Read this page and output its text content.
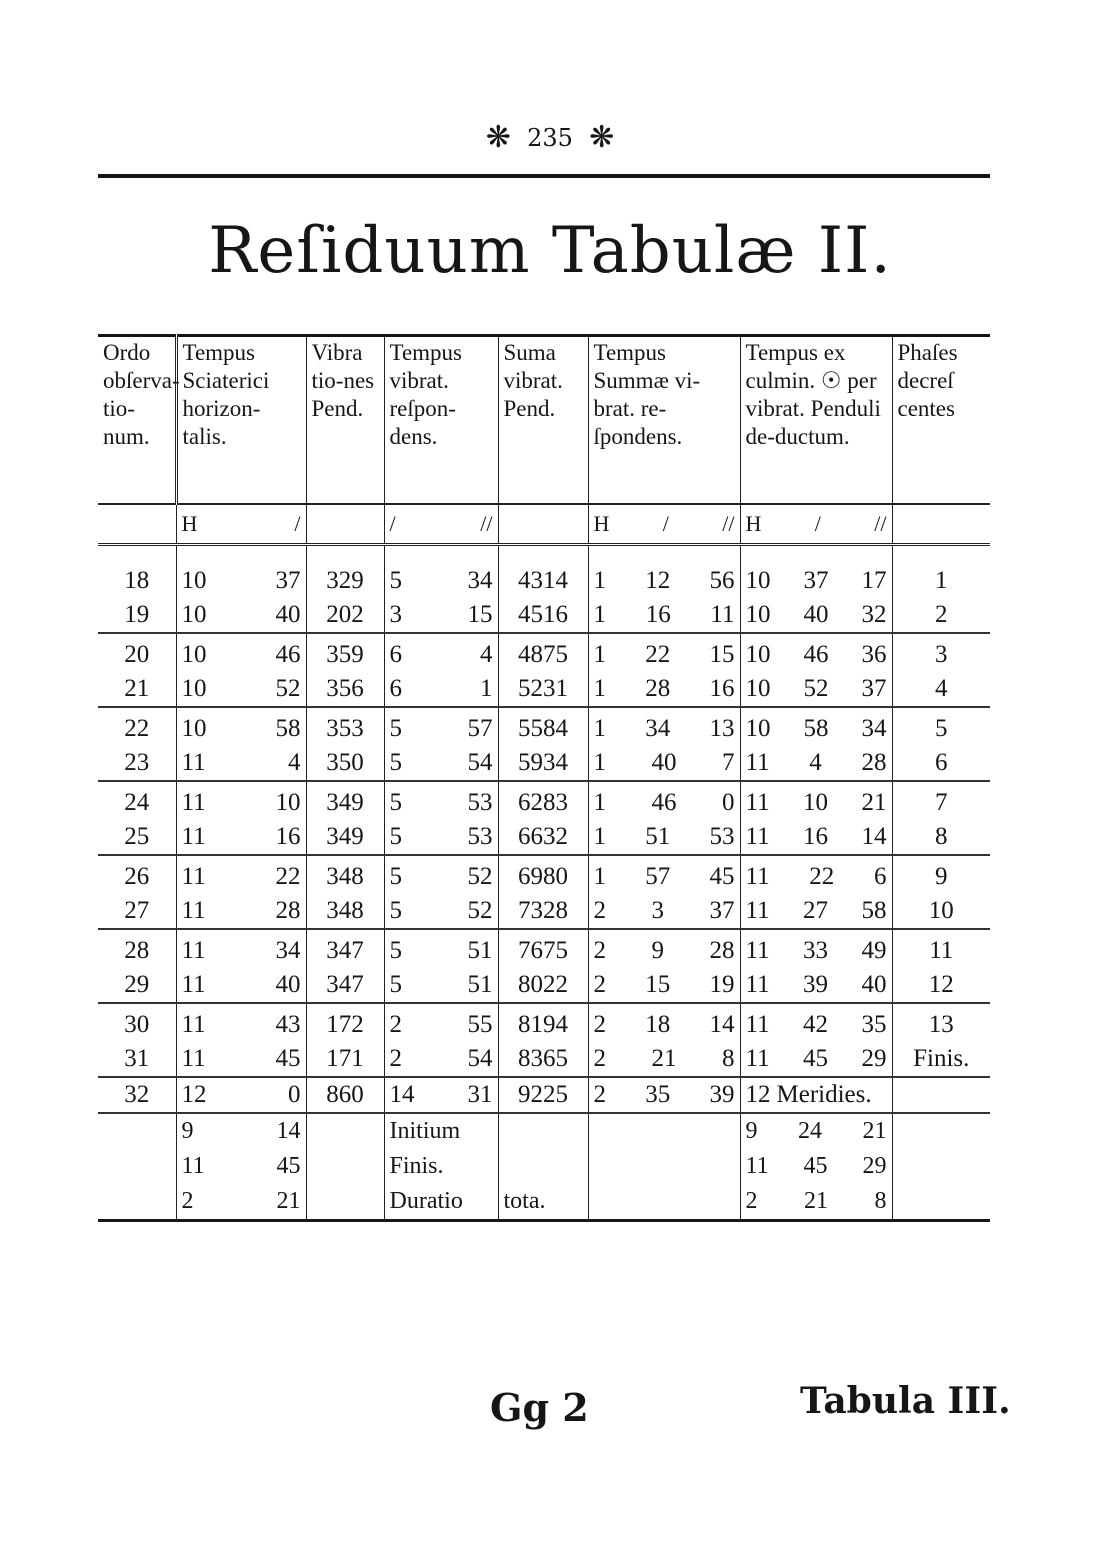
❋ 235 ❋
Reſiduum Tabulæ II.
Ordo obſerva-tio-num.	Tempus Sciaterici horizon-talis.	Vibra tio-nes Pend.	Tempus vibrat. reſpon-dens.	Suma vibrat. Pend.	Tempus Summæ vi-brat. re-ſpondens.	Tempus ex culmin. ☉ per vibrat. Penduli de-ductum.	Phaſes decreſ centes

	H /		/ //		H / //	H / //	

18	10 37	329	5 34	4314	1 12 56	10 37 17	1
19	10 40	202	3 15	4516	1 16 11	10 40 32	2
20	10 46	359	6 4	4875	1 22 15	10 46 36	3
21	10 52	356	6 1	5231	1 28 16	10 52 37	4
22	10 58	353	5 57	5584	1 34 13	10 58 34	5
23	11 4	350	5 54	5934	1 40 7	11 4 28	6
24	11 10	349	5 53	6283	1 46 0	11 10 21	7
25	11 16	349	5 53	6632	1 51 53	11 16 14	8
26	11 22	348	5 52	6980	1 57 45	11 22 6	9
27	11 28	348	5 52	7328	2 3 37	11 27 58	10
28	11 34	347	5 51	7675	2 9 28	11 33 49	11
29	11 40	347	5 51	8022	2 15 19	11 39 40	12
30	11 43	172	2 55	8194	2 18 14	11 42 35	13
31	11 45	171	2 54	8365	2 21 8	11 45 29	Finis.
32	12 0	860	14 31	9225	2 35 39	12 Meridies.	

	9 14		Initium			9 24 21	

	11 45		Finis.			11 45 29	

	2 21		Duratio	tota.		2 21 8	

Gg 2	Tabula III.
